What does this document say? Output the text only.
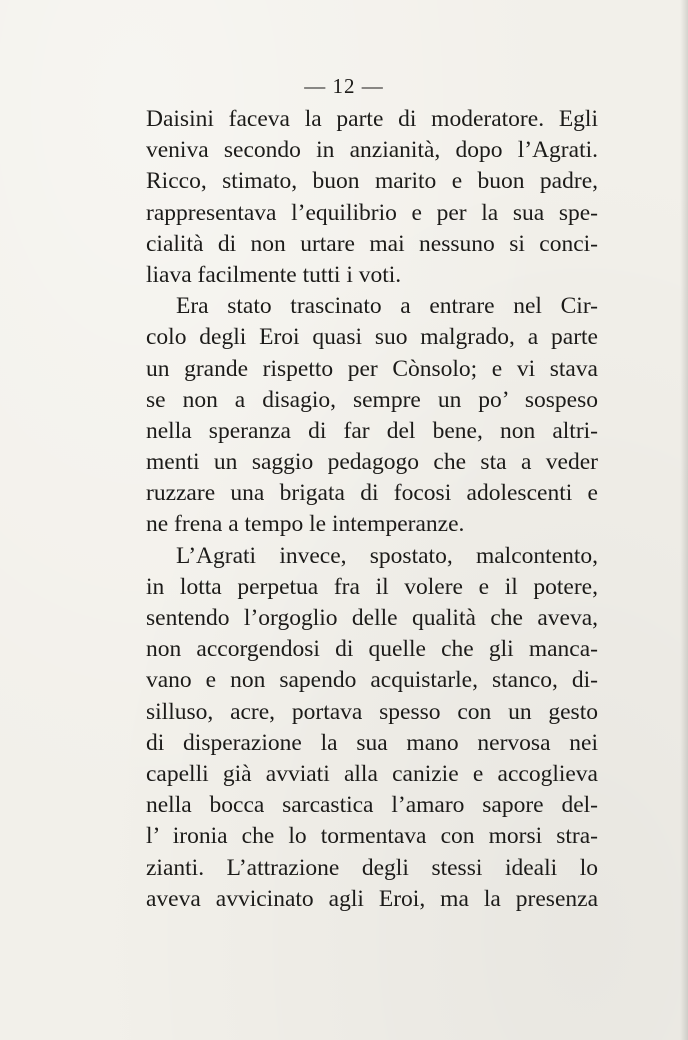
— 12 —
Daisini faceva la parte di moderatore. Egli
veniva secondo in anzianità, dopo l’Agrati.
Ricco, stimato, buon marito e buon padre,
rappresentava l’equilibrio e per la sua spe-
cialità di non urtare mai nessuno si conci-
liava facilmente tutti i voti.
Era stato trascinato a entrare nel Cir-
colo degli Eroi quasi suo malgrado, a parte
un grande rispetto per Cònsolo; e vi stava
se non a disagio, sempre un po’ sospeso
nella speranza di far del bene, non altri-
menti un saggio pedagogo che sta a veder
ruzzare una brigata di focosi adolescenti e
ne frena a tempo le intemperanze.
L’Agrati invece, spostato, malcontento,
in lotta perpetua fra il volere e il potere,
sentendo l’orgoglio delle qualità che aveva,
non accorgendosi di quelle che gli manca-
vano e non sapendo acquistarle, stanco, di-
silluso, acre, portava spesso con un gesto
di disperazione la sua mano nervosa nei
capelli già avviati alla canizie e accoglieva
nella bocca sarcastica l’amaro sapore del-
l’ ironia che lo tormentava con morsi stra-
zianti. L’attrazione degli stessi ideali lo
aveva avvicinato agli Eroi, ma la presenza
